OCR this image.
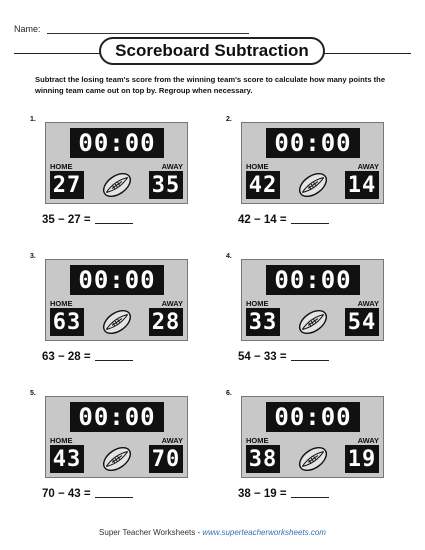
Name:
Scoreboard Subtraction
Subtract the losing team's score from the winning team's score to calculate how many points the winning team came out on top by. Regroup when necessary.
1.
00:00
HOME	AWAY
27	35
35 − 27 =
2.
00:00
HOME	AWAY
42	14
42 − 14 =
3.
00:00
HOME	AWAY
63	28
63 − 28 =
4.
00:00
HOME	AWAY
33	54
54 − 33 =
5.
00:00
HOME	AWAY
43	70
70 − 43 =
6.
00:00
HOME	AWAY
38	19
38 − 19 =
Super Teacher Worksheets - www.superteacherworksheets.com
